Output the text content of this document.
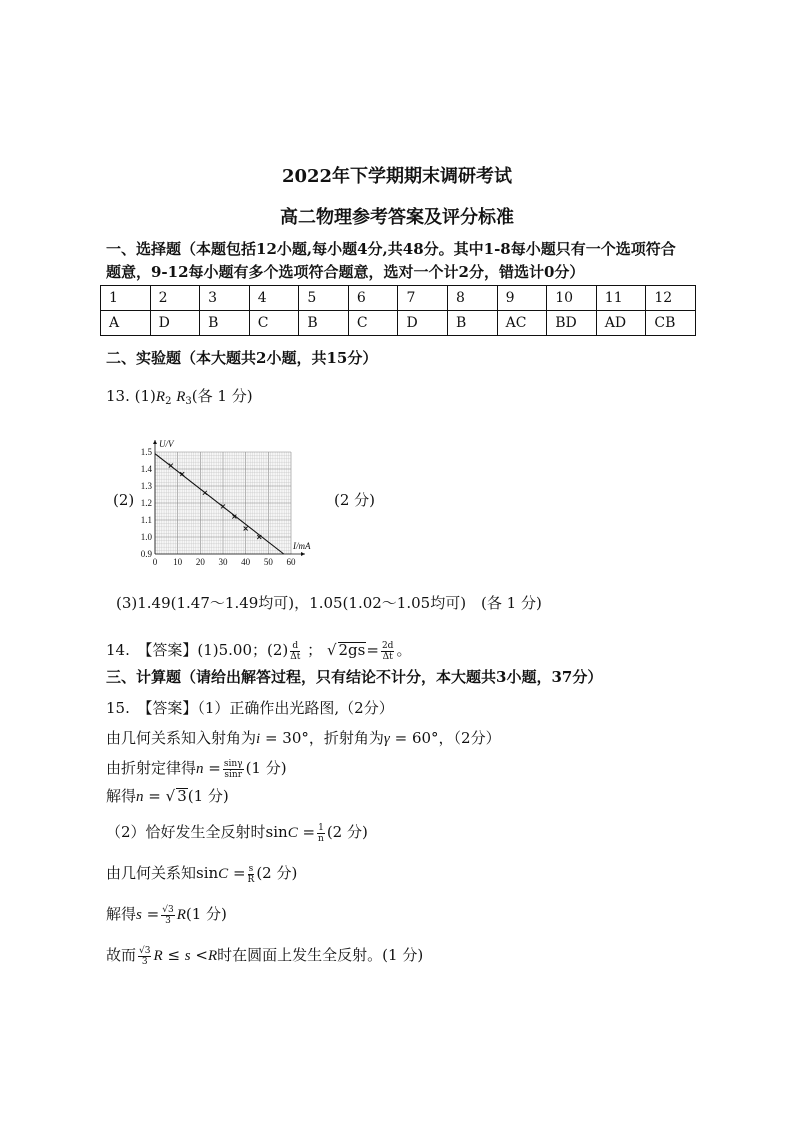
2022年下学期期末调研考试
高二物理参考答案及评分标准
一、选择题（本题包括12小题,每小题4分,共48分。其中1-8每小题只有一个选项符合
题意，9-12每小题有多个选项符合题意，选对一个计2分，错选计0分）
1	2	3	4	5	6	7	8	9	10	11	12
A	D	B	C	B	C	D	B	AC	BD	AD	CB
二、实验题（本大题共2小题，共15分）
13. $(1)R_2$ $R_3$(各 1 分)
(2)	(2 分)
0 10 20 30 40 50 60
0.9
1.0
1.1
1.2
1.3
1.4
1.5
I/mA
U/V
(3)1.49(1.47～1.49均可)，1.05(1.02～1.05均可)　(各 1 分)
14.　【答案】(1)5.00；$(2) \frac{d}{\Delta t}$ ； √ $2gs= \frac{2d}{\Delta t}$ 。
三、计算题（请给出解答过程，只有结论不计分，本大题共3小题，37分）
15.　【答案】（1）正确作出光路图,（2分）
由几何关系知入射角为i = 30°，折射角为γ = 60°，（2分）
由折射定律得$n = \frac{\sin\gamma}{\sin r} (1$ 分)
解得n = √ 3(1 分)
（2）恰好发生全反射时$\sin C = \frac{1}{n} (2$ 分)
由几何关系知$\sin C = \frac{s}{R} (2$ 分)
解得$s = \frac{√3}{3} R(1$ 分)
故而 $\frac{√3}{3}$ R ≤ s <R时在圆面上发生全反射。(1 分)
